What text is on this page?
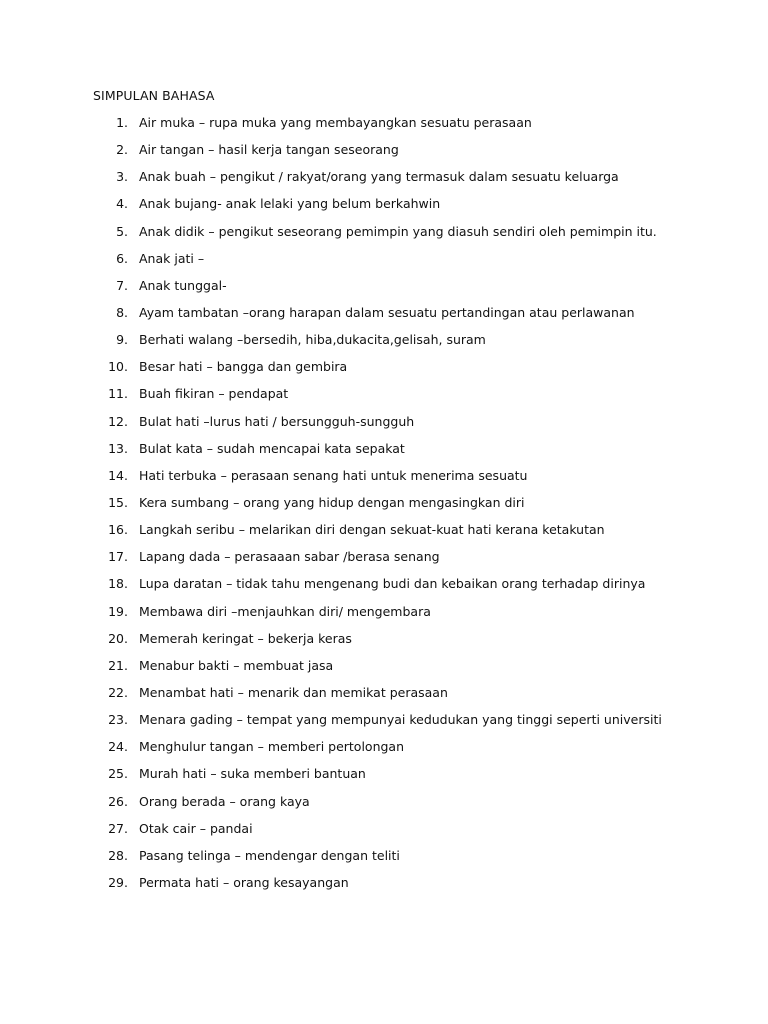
SIMPULAN BAHASA
1. Air muka – rupa muka yang membayangkan sesuatu perasaan
2. Air tangan – hasil kerja tangan seseorang
3. Anak buah – pengikut / rakyat/orang yang termasuk dalam sesuatu keluarga
4. Anak bujang- anak lelaki yang belum berkahwin
5. Anak didik – pengikut seseorang pemimpin yang diasuh sendiri oleh pemimpin itu.
6. Anak jati –
7. Anak tunggal-
8. Ayam tambatan –orang harapan dalam sesuatu pertandingan atau perlawanan
9. Berhati walang –bersedih, hiba,dukacita,gelisah, suram
10. Besar hati – bangga dan gembira
11. Buah fikiran – pendapat
12. Bulat hati –lurus hati / bersungguh-sungguh
13. Bulat kata – sudah mencapai kata sepakat
14. Hati terbuka – perasaan senang hati untuk menerima sesuatu
15. Kera sumbang – orang yang hidup dengan mengasingkan diri
16. Langkah seribu – melarikan diri dengan sekuat-kuat hati kerana ketakutan
17. Lapang dada – perasaaan sabar /berasa senang
18. Lupa daratan – tidak tahu mengenang budi dan kebaikan orang terhadap dirinya
19. Membawa diri –menjauhkan diri/ mengembara
20. Memerah keringat – bekerja keras
21. Menabur bakti – membuat jasa
22. Menambat hati – menarik dan memikat perasaan
23. Menara gading – tempat yang mempunyai kedudukan yang tinggi seperti universiti
24. Menghulur tangan – memberi pertolongan
25. Murah hati – suka memberi bantuan
26. Orang berada – orang kaya
27. Otak cair – pandai
28. Pasang telinga – mendengar dengan teliti
29. Permata hati – orang kesayangan
